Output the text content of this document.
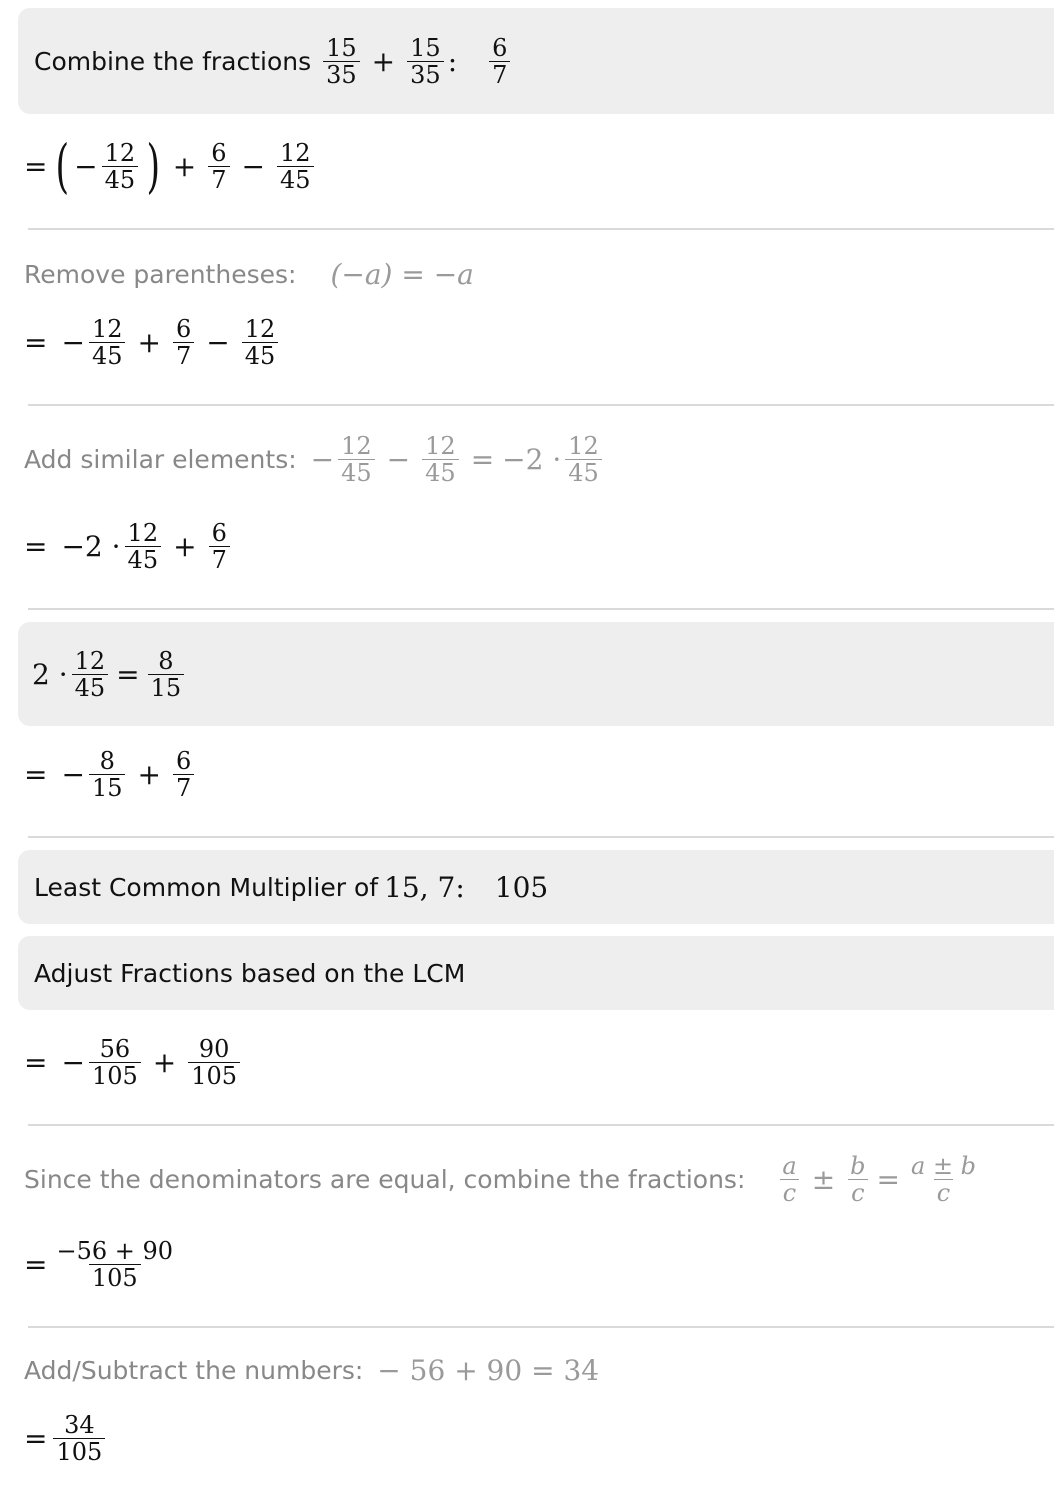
Combine the fractions $\frac{15}{35} + \frac{15}{35}$ : $\frac{6}{7}$
= ( − $\frac{12}{45}$ ) + $\frac{6}{7} - \frac{12}{45}$
Remove parentheses: (−a) = −a
= − $\frac{12}{45} + \frac{6}{7} - \frac{12}{45}$
Add similar elements: − $\frac{12}{45} - \frac{12}{45} = -2 \cdot \frac{12}{45}$
= $-2 \cdot \frac{12}{45} + \frac{6}{7}$
$2 \cdot \frac{12}{45} = \frac{8}{15}$
= − $\frac{8}{15} + \frac{6}{7}$
Least Common Multiplier of 15, 7: 105
Adjust Fractions based on the LCM
= − $\frac{56}{105} + \frac{90}{105}$
Since the denominators are equal, combine the fractions: $\frac{a}{c} \pm \frac{b}{c} = \frac{a \pm b}{c}$
= $\frac{-56 + 90}{105}$
Add/Subtract the numbers: − 56 + 90 = 34
= $\frac{34}{105}$
